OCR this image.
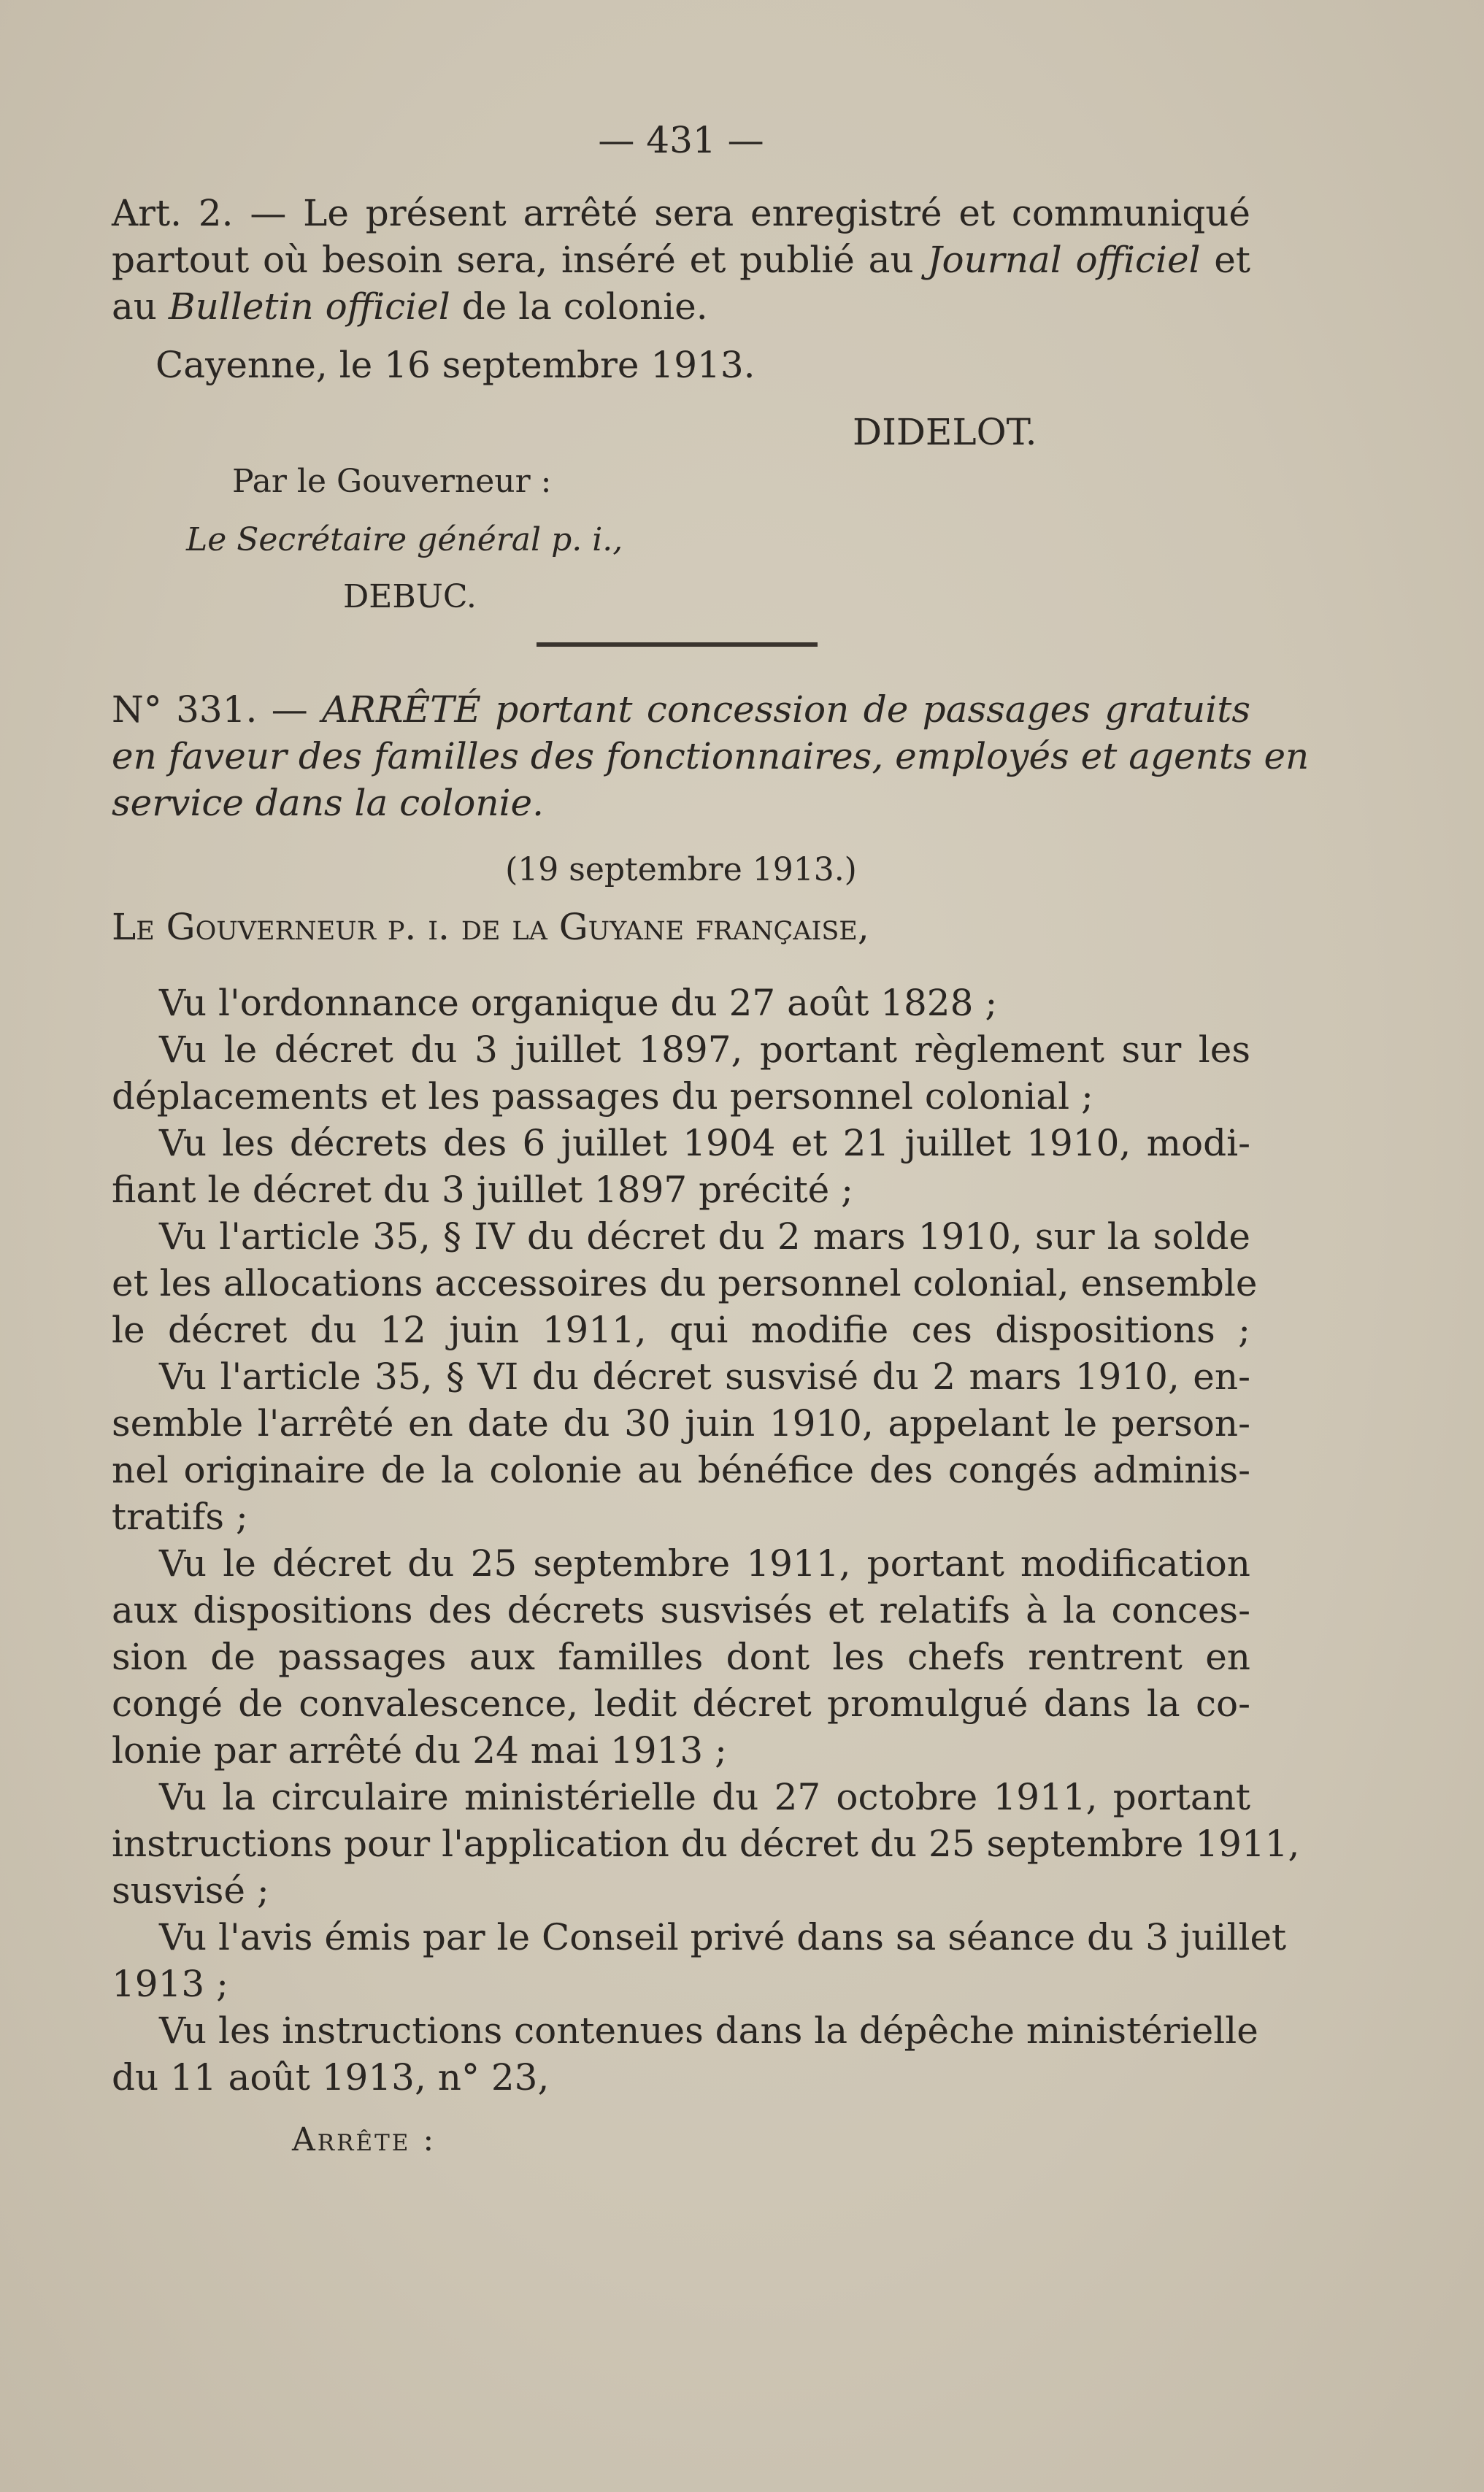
— 431 —
Art. 2. — Le présent arrêté sera enregistré et communiqué
partout où besoin sera, inséré et publié au Journal officiel et
au Bulletin officiel de la colonie.
Cayenne, le 16 septembre 1913.
DIDELOT.
Par le Gouverneur :
Le Secrétaire général p. i.,
DEBUC.
N° 331. — ARRÊTÉ portant concession de passages gratuits
en faveur des familles des fonctionnaires, employés et agents en
service dans la colonie.
(19 septembre 1913.)
Le Gouverneur p. i. de la Guyane française,
Vu l'ordonnance organique du 27 août 1828 ;
Vu le décret du 3 juillet 1897, portant règlement sur les
déplacements et les passages du personnel colonial ;
Vu les décrets des 6 juillet 1904 et 21 juillet 1910, modi-
fiant le décret du 3 juillet 1897 précité ;
Vu l'article 35, § IV du décret du 2 mars 1910, sur la solde
et les allocations accessoires du personnel colonial, ensemble
le décret du 12 juin 1911, qui modifie ces dispositions ;
Vu l'article 35, § VI du décret susvisé du 2 mars 1910, en-
semble l'arrêté en date du 30 juin 1910, appelant le person-
nel originaire de la colonie au bénéfice des congés adminis-
tratifs ;
Vu le décret du 25 septembre 1911, portant modification
aux dispositions des décrets susvisés et relatifs à la conces-
sion de passages aux familles dont les chefs rentrent en
congé de convalescence, ledit décret promulgué dans la co-
lonie par arrêté du 24 mai 1913 ;
Vu la circulaire ministérielle du 27 octobre 1911, portant
instructions pour l'application du décret du 25 septembre 1911,
susvisé ;
Vu l'avis émis par le Conseil privé dans sa séance du 3 juillet
1913 ;
Vu les instructions contenues dans la dépêche ministérielle
du 11 août 1913, n° 23,
Arrête :
